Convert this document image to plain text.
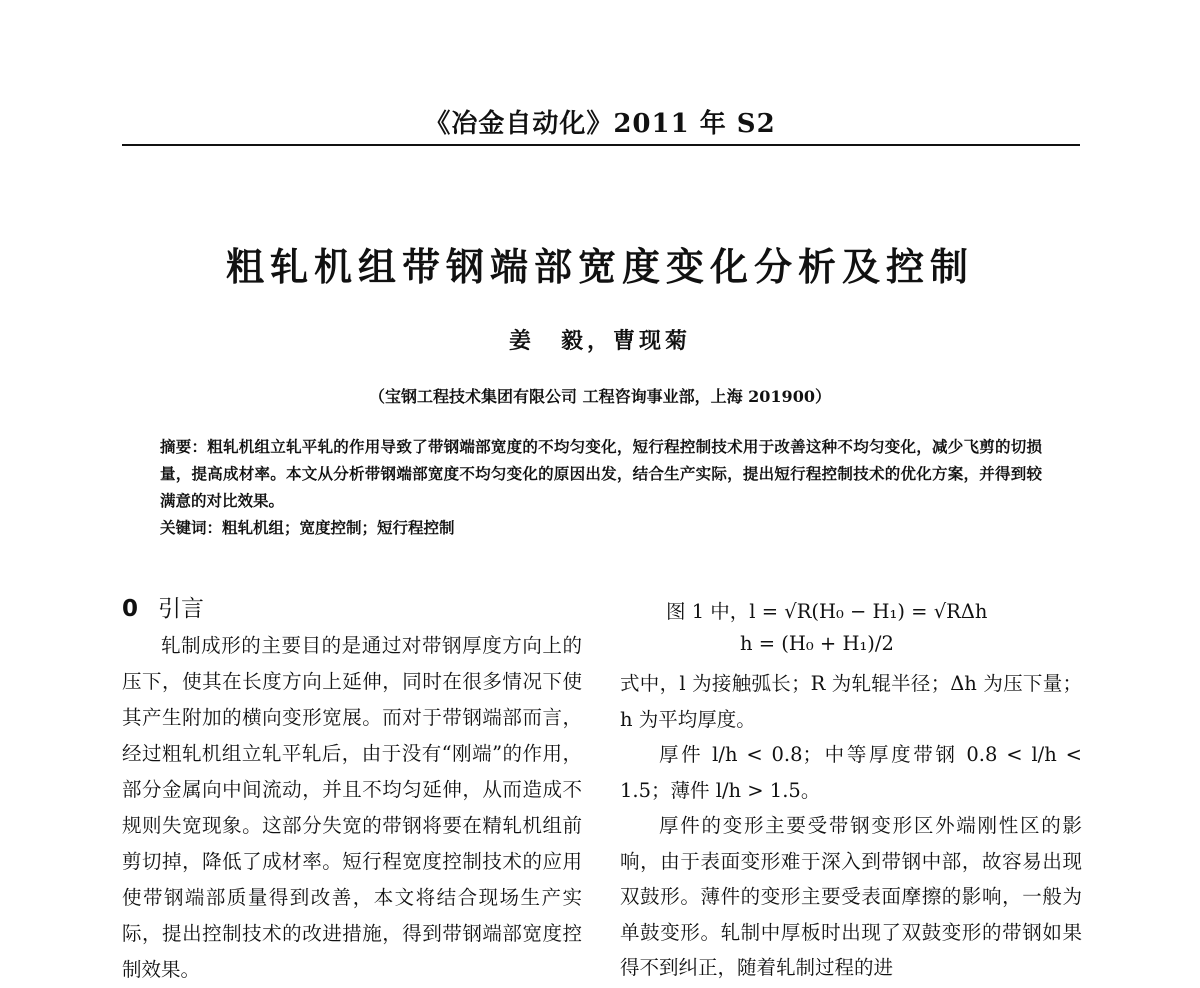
《冶金自动化》2011 年 S2
粗轧机组带钢端部宽度变化分析及控制
姜　毅，曹现菊
（宝钢工程技术集团有限公司 工程咨询事业部，上海 201900）

摘要：粗轧机组立轧平轧的作用导致了带钢端部宽度的不均匀变化，短行程控制技术用于改善这种不均匀变化，减少飞剪的切损量，提高成材率。本文从分析带钢端部宽度不均匀变化的原因出发，结合生产实际，提出短行程控制技术的优化方案，并得到较满意的对比效果。

关键词：粗轧机组；宽度控制；短行程控制

0 引言

轧制成形的主要目的是通过对带钢厚度方向上的压下，使其在长度方向上延伸，同时在很多情况下使其产生附加的横向变形宽展。而对于带钢端部而言，经过粗轧机组立轧平轧后，由于没有“刚端”的作用，部分金属向中间流动，并且不均匀延伸，从而造成不规则失宽现象。这部分失宽的带钢将要在精轧机组前剪切掉，降低了成材率。短行程宽度控制技术的应用使带钢端部质量得到改善，本文将结合现场生产实际，提出控制技术的改进措施，得到带钢端部宽度控制效果。

图 1 中，l = √R(H₀ − H₁) = √RΔh
h = (H₀ + H₁)/2

式中，l 为接触弧长；R 为轧辊半径；Δh 为压下量；h 为平均厚度。

厚件 l/h < 0.8；中等厚度带钢 0.8 < l/h < 1.5；薄件 l/h > 1.5。

厚件的变形主要受带钢变形区外端刚性区的影响，由于表面变形难于深入到带钢中部，故容易出现双鼓形。薄件的变形主要受表面摩擦的影响，一般为单鼓变形。轧制中厚板时出现了双鼓变形的带钢如果得不到纠正，随着轧制过程的进
